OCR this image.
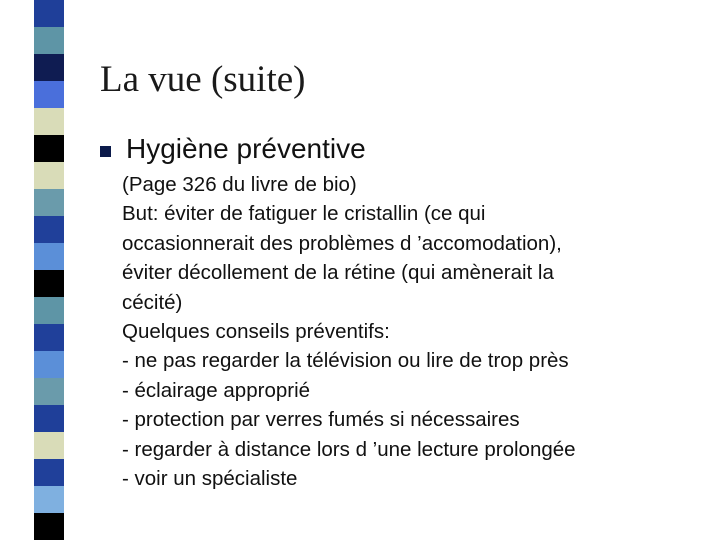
La vue (suite)
Hygiène préventive
(Page 326 du livre de bio)
But: éviter de fatiguer le cristallin (ce qui
occasionnerait des problèmes d ’accomodation),
éviter décollement de la rétine (qui amènerait la
cécité)
Quelques conseils préventifs:
- ne pas regarder la télévision ou lire de trop près
- éclairage approprié
- protection par verres fumés si nécessaires
- regarder à distance lors d ’une lecture prolongée
- voir un spécialiste
